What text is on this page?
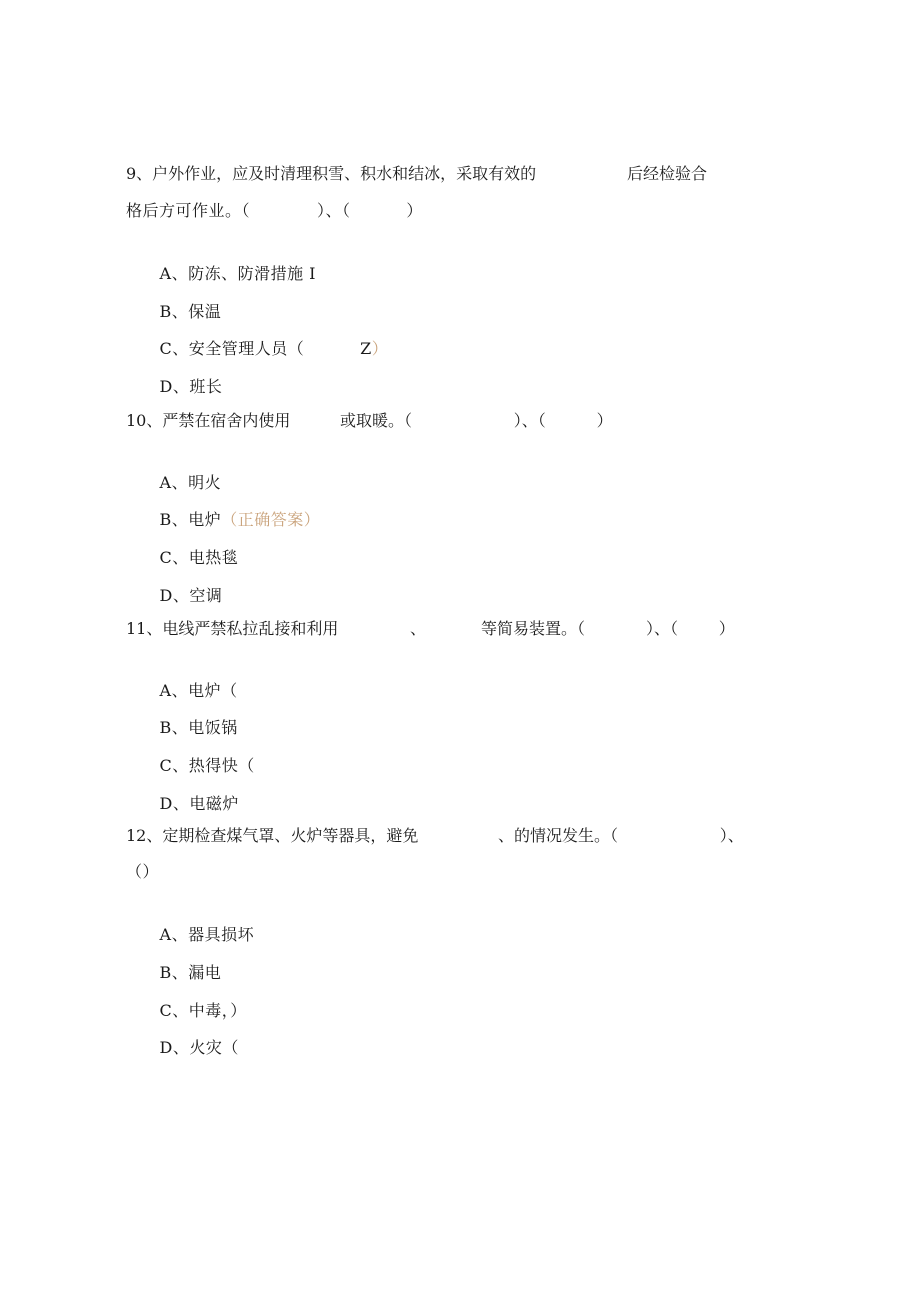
9、户外作业，应及时清理积雪、积水和结冰，采取有效的	后经检验合
格后方可作业。（            ）、（          ）

A、防冻、防滑措施 I

B、保温

C、安全管理人员（          Z）

D、班长

10、严禁在宿舍内使用	或取暖。（                    ）、（          ）

A、明火

B、电炉（正确答案）

C、电热毯

D、空调

11、电线严禁私拉乱接和利用	、	等简易装置。（            ）、（        ）

A、电炉（

B、电饭锅

C、热得快（

D、电磁炉

12、定期检查煤气罩、火炉等器具，避免	、的情况发生。（                    ）、
（）

A、器具损坏

B、漏电

C、中毒，）

D、火灾（
